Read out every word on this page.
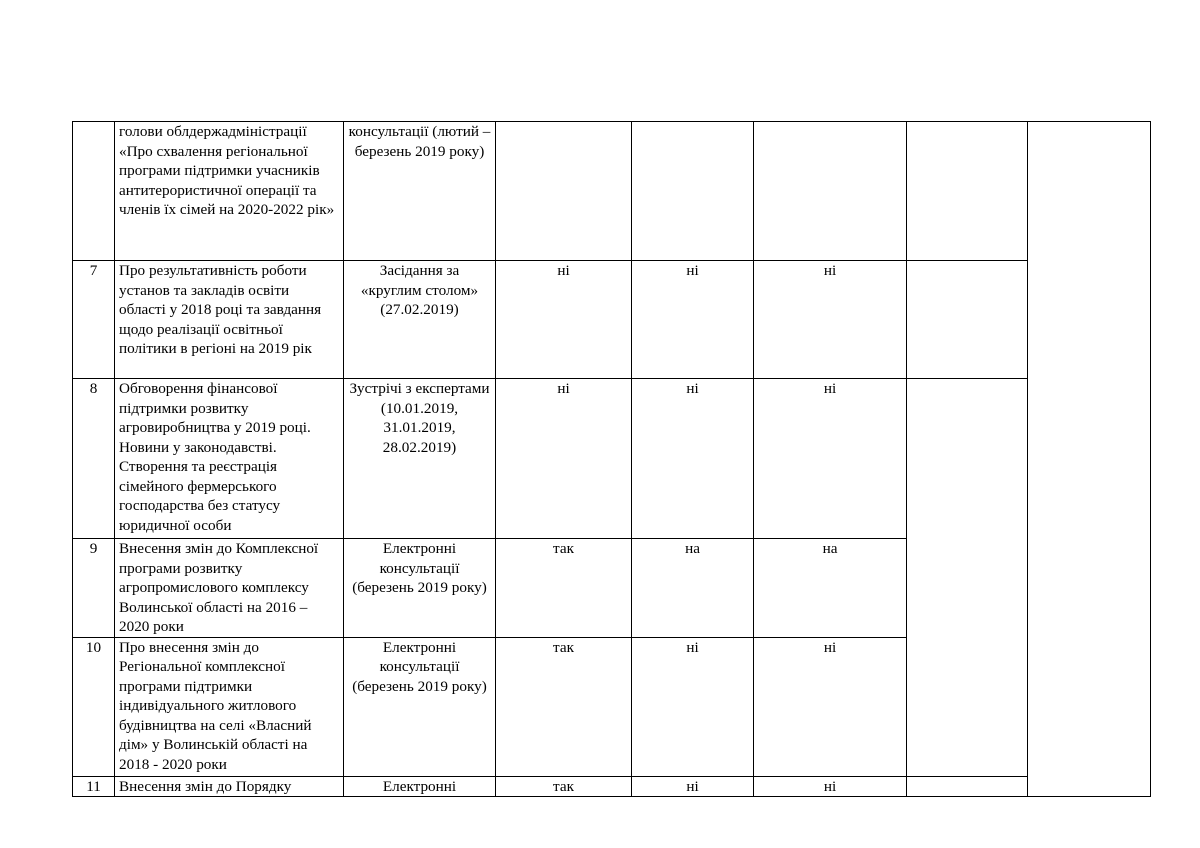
	голови облдержадміністрації «Про схвалення регіональної програми підтримки учасників антитерористичної операції та членів їх сімей на 2020-2022 рік»	консультації (лютий – березень 2019 року)					
7	Про результативність роботи установ та закладів освіти області у 2018 році та завдання щодо реалізації освітньої політики в регіоні на 2019 рік	Засідання за «круглим столом» (27.02.2019)	ні	ні	ні		
8	Обговорення фінансової підтримки розвитку агровиробництва у 2019 році. Новини у законодавстві. Створення та реєстрація сімейного фермерського господарства без статусу юридичної особи	Зустрічі з експертами (10.01.2019, 31.01.2019, 28.02.2019)	ні	ні	ні		
9	Внесення змін до Комплексної програми розвитку агропромислового комплексу Волинської області на 2016 – 2020 роки	Електронні консультації (березень 2019 року)	так	на	на		
10	Про внесення змін до Регіональної комплексної програми підтримки індивідуального житлового будівництва на селі «Власний дім» у Волинській області на 2018 - 2020 роки	Електронні консультації (березень 2019 року)	так	ні	ні		
11	Внесення змін до Порядку	Електронні	так	ні	ні		
